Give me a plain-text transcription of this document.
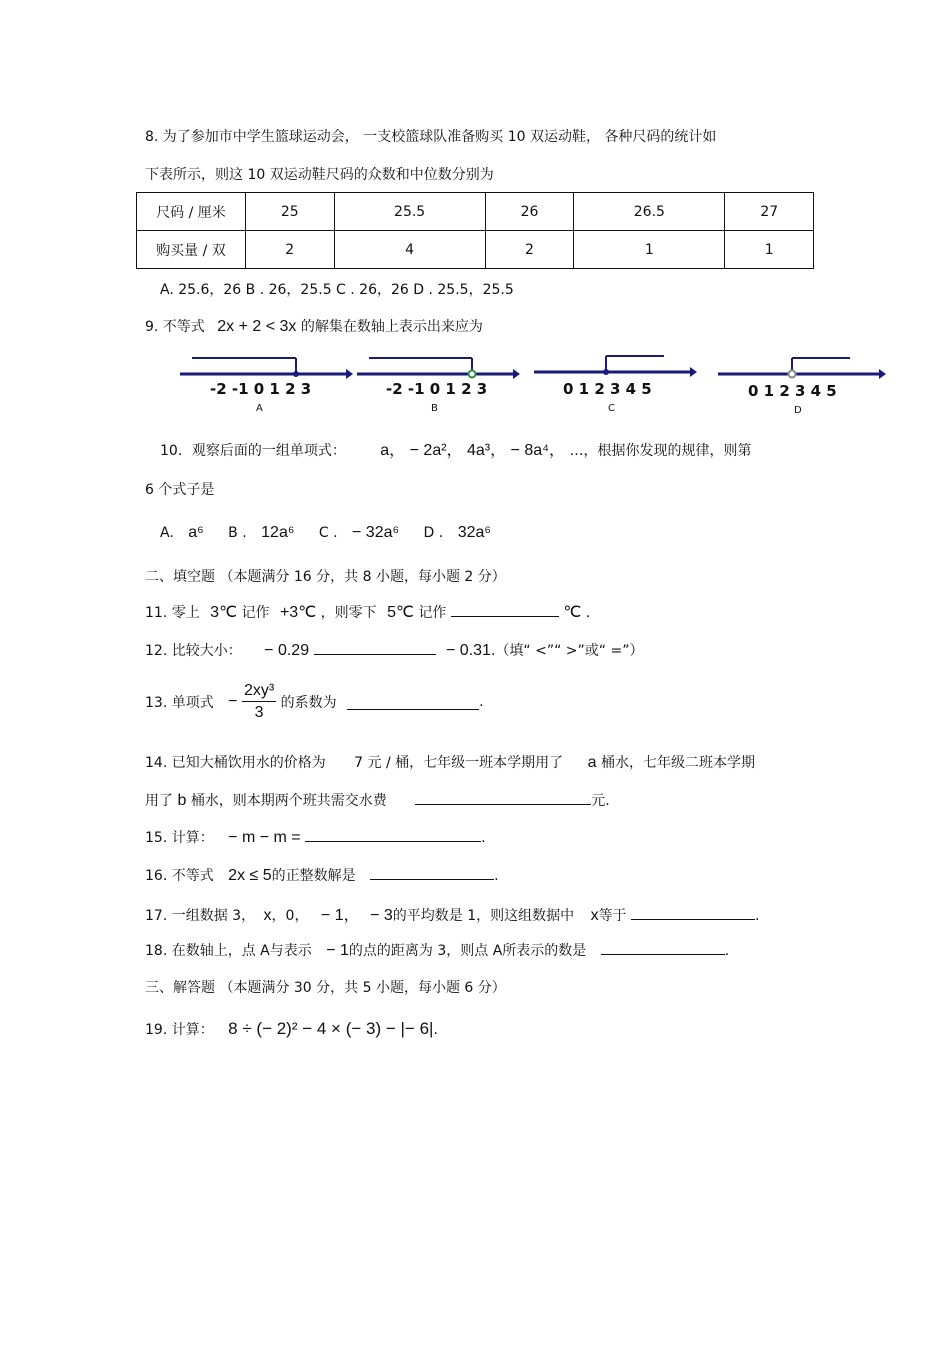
8. 为了参加市中学生篮球运动会， 一支校篮球队准备购买 10 双运动鞋， 各种尺码的统计如
下表所示，则这 10 双运动鞋尺码的众数和中位数分别为
尺码 / 厘米	25	25.5	26	26.5	27
购买量 / 双	2	4	2	1	1
A. 25.6，26 B . 26，25.5 C . 26，26 D . 25.5，25.5
9. 不等式 2x + 2 < 3x 的解集在数轴上表示出来应为
-2 -1 0 1 2 3
A
-2 -1 0 1 2 3
B
0 1 2 3 4 5
C
0 1 2 3 4 5
D
10．观察后面的一组单项式： a， − 2a²， 4a³， − 8a⁴， …，根据你发现的规律，则第
6 个式子是
A. a⁶ B . 12a⁶ C . − 32a⁶ D . 32a⁶
二、填空题 （本题满分 16 分，共 8 小题，每小题 2 分）
11. 零上 3℃ 记作 +3℃ ，则零下 5℃ 记作	℃ .
12. 比较大小： − 0.29	− 0.31.（填“ <”“ >”或“ =”）
13. 单项式 − $\frac{\text{2xy³}}{3}$ 的系数为	.
14. 已知大桶饮用水的价格为 7 元 / 桶，七年级一班本学期用了 a 桶水，七年级二班本学期
用了 b 桶水，则本期两个班共需交水费	元.
15. 计算： − m − m =	.
16. 不等式 2x ≤ 5的正整数解是	.
17. 一组数据 3， x，0， − 1， − 3的平均数是 1，则这组数据中 x等于	.
18. 在数轴上，点 A与表示 − 1的点的距离为 3，则点 A所表示的数是	.
三、解答题 （本题满分 30 分，共 5 小题，每小题 6 分）
19. 计算： 8 ÷ (− 2)² − 4 × (− 3) − |− 6|.
